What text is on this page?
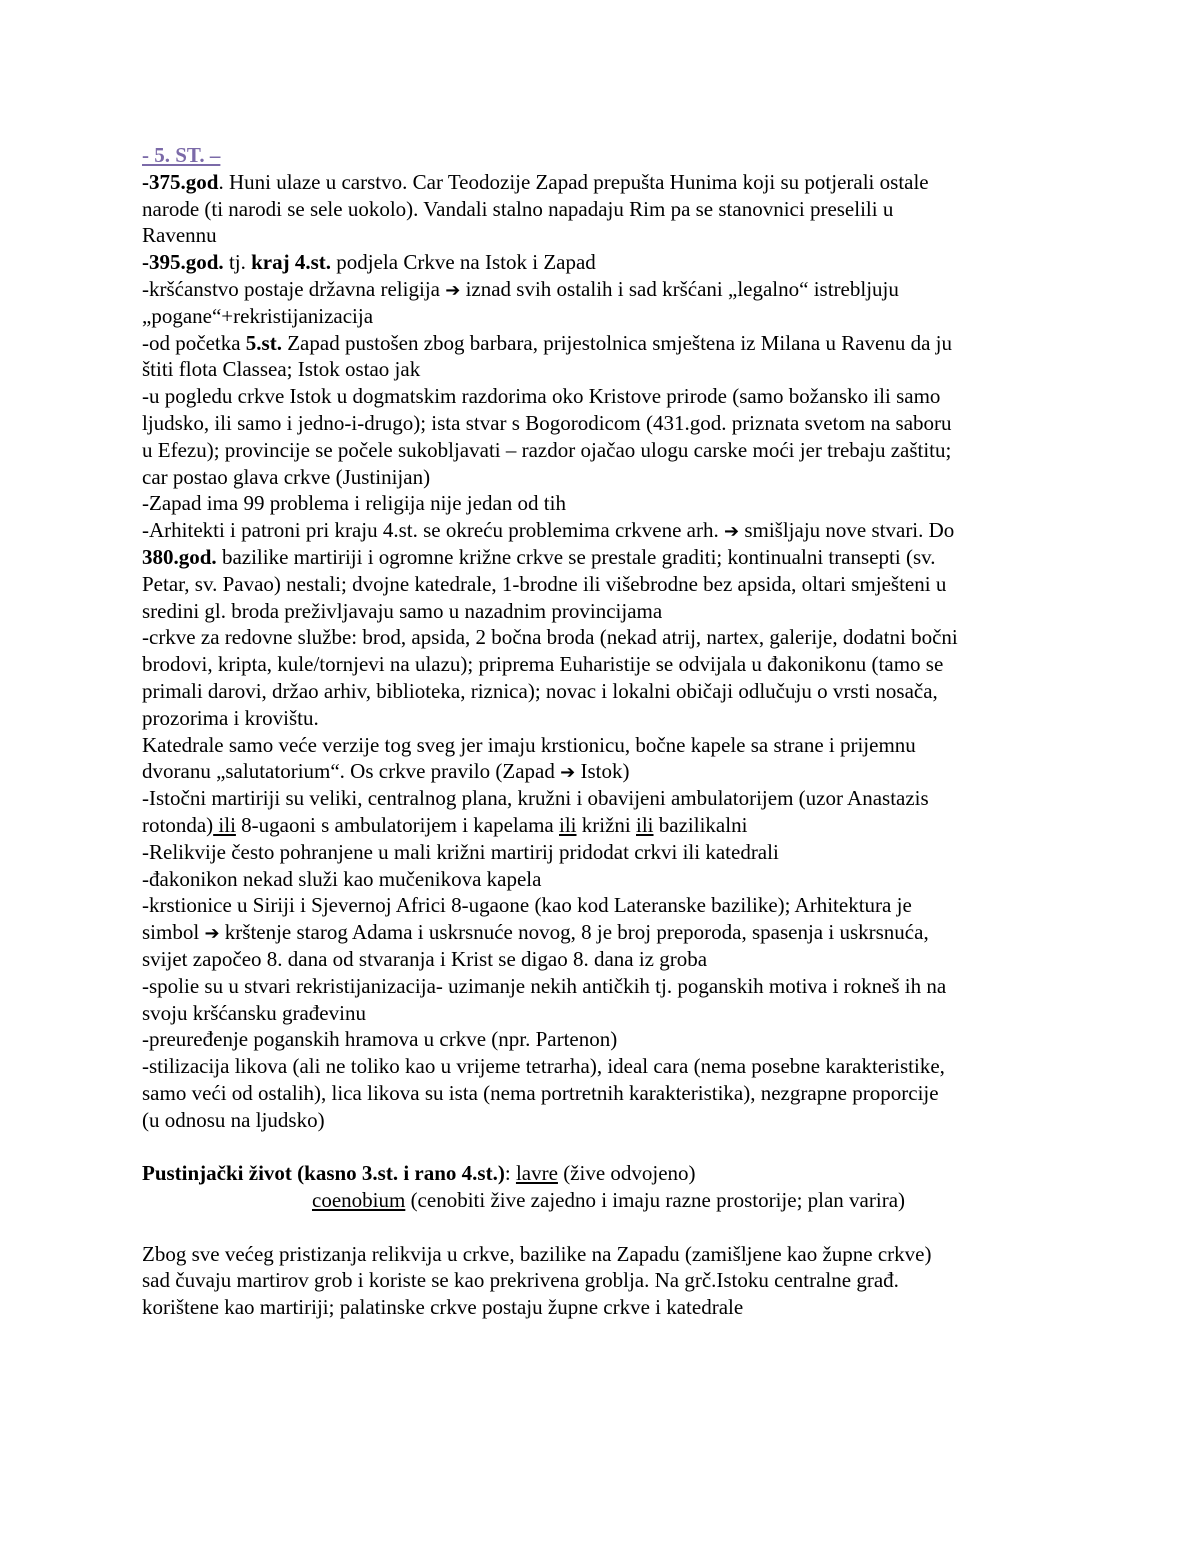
- 5. ST. –
-375.god. Huni ulaze u carstvo. Car Teodozije Zapad prepušta Hunima koji su potjerali ostale
narode (ti narodi se sele uokolo). Vandali stalno napadaju Rim pa se stanovnici preselili u
Ravennu
-395.god. tj. kraj 4.st. podjela Crkve na Istok i Zapad
-kršćanstvo postaje državna religija ➔ iznad svih ostalih i sad kršćani „legalno“ istrebljuju
„pogane“+rekristijanizacija
-od početka 5.st. Zapad pustošen zbog barbara, prijestolnica smještena iz Milana u Ravenu da ju
štiti flota Classea; Istok ostao jak
-u pogledu crkve Istok u dogmatskim razdorima oko Kristove prirode (samo božansko ili samo
ljudsko, ili samo i jedno-i-drugo); ista stvar s Bogorodicom (431.god. priznata svetom na saboru
u Efezu); provincije se počele sukobljavati – razdor ojačao ulogu carske moći jer trebaju zaštitu;
car postao glava crkve (Justinijan)
-Zapad ima 99 problema i religija nije jedan od tih
-Arhitekti i patroni pri kraju 4.st. se okreću problemima crkvene arh. ➔ smišljaju nove stvari. Do
380.god. bazilike martiriji i ogromne križne crkve se prestale graditi; kontinualni transepti (sv.
Petar, sv. Pavao) nestali; dvojne katedrale, 1-brodne ili višebrodne bez apsida, oltari smješteni u
sredini gl. broda preživljavaju samo u nazadnim provincijama
-crkve za redovne službe: brod, apsida, 2 bočna broda (nekad atrij, nartex, galerije, dodatni bočni
brodovi, kripta, kule/tornjevi na ulazu); priprema Euharistije se odvijala u đakonikonu (tamo se
primali darovi, držao arhiv, biblioteka, riznica); novac i lokalni običaji odlučuju o vrsti nosača,
prozorima i krovištu.
Katedrale samo veće verzije tog sveg jer imaju krstionicu, bočne kapele sa strane i prijemnu
dvoranu „salutatorium“. Os crkve pravilo (Zapad ➔ Istok)
-Istočni martiriji su veliki, centralnog plana, kružni i obavijeni ambulatorijem (uzor Anastazis
rotonda) ili 8-ugaoni s ambulatorijem i kapelama ili križni ili bazilikalni
-Relikvije često pohranjene u mali križni martirij pridodat crkvi ili katedrali
-đakonikon nekad služi kao mučenikova kapela
-krstionice u Siriji i Sjevernoj Africi 8-ugaone (kao kod Lateranske bazilike); Arhitektura je
simbol ➔ krštenje starog Adama i uskrsnuće novog, 8 je broj preporoda, spasenja i uskrsnuća,
svijet započeo 8. dana od stvaranja i Krist se digao 8. dana iz groba
-spolie su u stvari rekristijanizacija- uzimanje nekih antičkih tj. poganskih motiva i rokneš ih na
svoju kršćansku građevinu
-preuređenje poganskih hramova u crkve (npr. Partenon)
-stilizacija likova (ali ne toliko kao u vrijeme tetrarha), ideal cara (nema posebne karakteristike,
samo veći od ostalih), lica likova su ista (nema portretnih karakteristika), nezgrapne proporcije
(u odnosu na ljudsko)
Pustinjački život (kasno 3.st. i rano 4.st.): lavre (žive odvojeno)
coenobium (cenobiti žive zajedno i imaju razne prostorije; plan varira)
Zbog sve većeg pristizanja relikvija u crkve, bazilike na Zapadu (zamišljene kao župne crkve)
sad čuvaju martirov grob i koriste se kao prekrivena groblja. Na grč.Istoku centralne građ.
korištene kao martiriji; palatinske crkve postaju župne crkve i katedrale
